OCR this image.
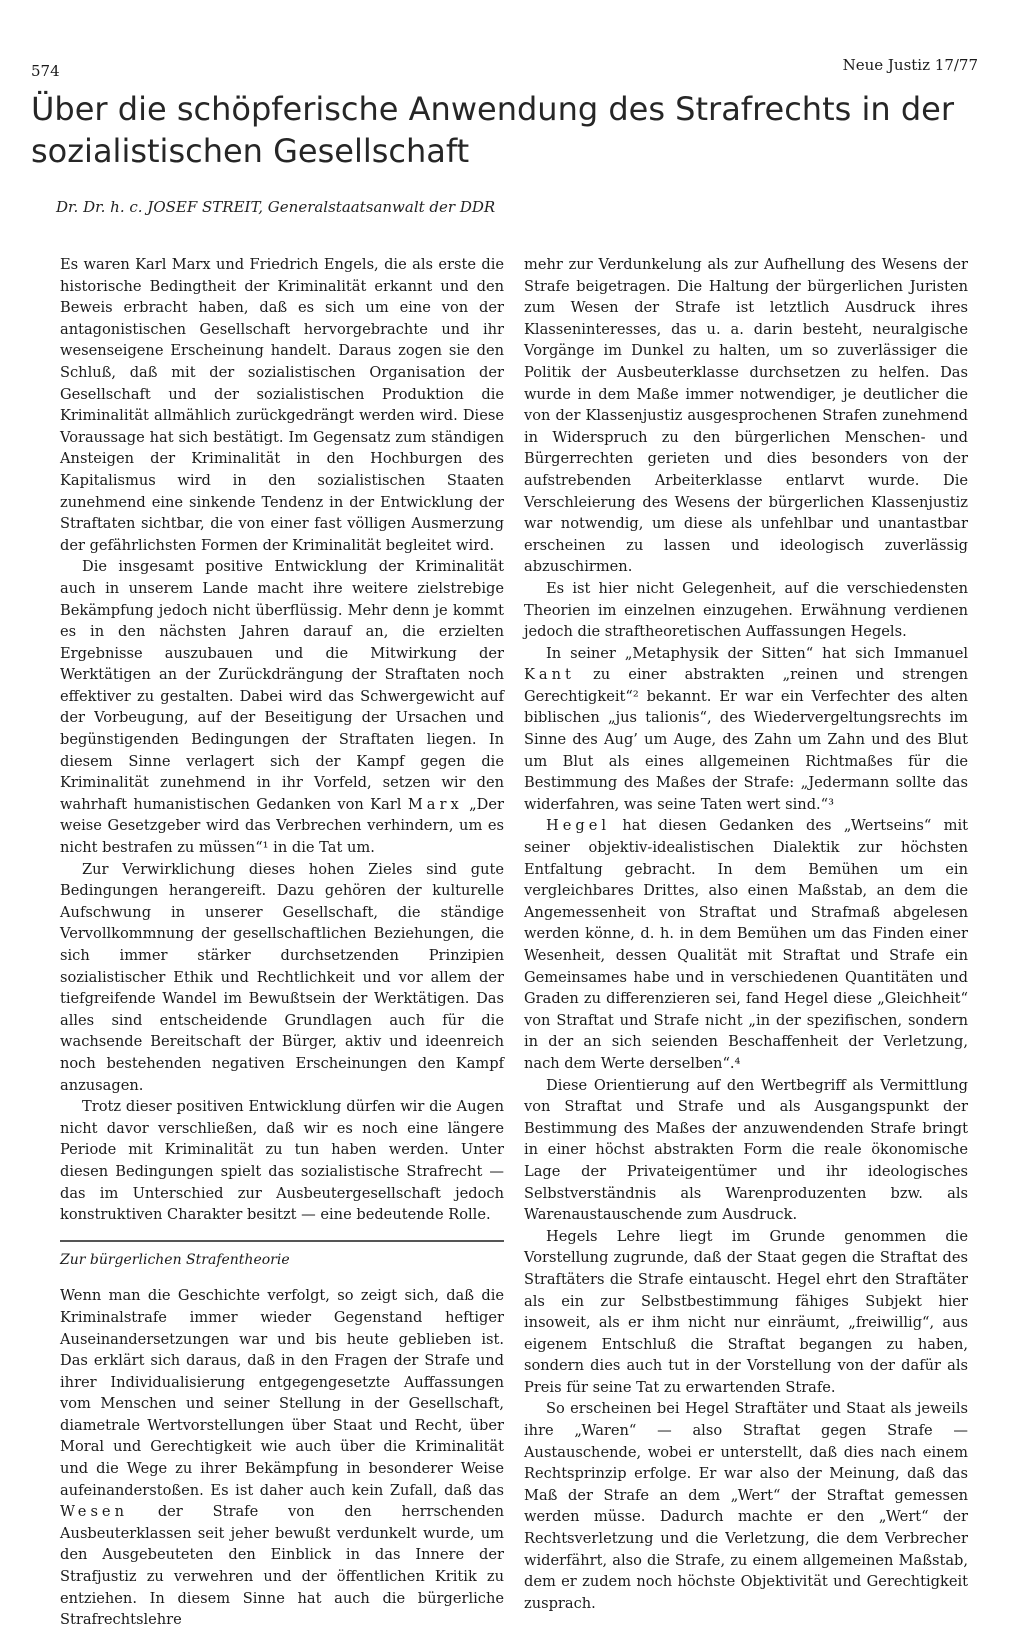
574	Neue Justiz 17/77
Über die schöpferische Anwendung des Strafrechts in der sozialistischen Gesellschaft

Dr. Dr. h. c. JOSEF STREIT, Generalstaatsanwalt der DDR

Es waren Karl Marx und Friedrich Engels, die als erste die historische Bedingtheit der Kriminalität erkannt und den Beweis erbracht haben, daß es sich um eine von der antagonistischen Gesellschaft hervorgebrachte und ihr wesenseigene Erscheinung handelt. Daraus zogen sie den Schluß, daß mit der sozialistischen Organisation der Gesellschaft und der sozialistischen Produktion die Kriminalität allmählich zurückgedrängt werden wird. Diese Voraussage hat sich bestätigt. Im Gegensatz zum ständigen Ansteigen der Kriminalität in den Hochburgen des Kapitalismus wird in den sozialistischen Staaten zunehmend eine sinkende Tendenz in der Entwicklung der Straftaten sichtbar, die von einer fast völligen Ausmerzung der gefährlichsten Formen der Kriminalität begleitet wird.

Die insgesamt positive Entwicklung der Kriminalität auch in unserem Lande macht ihre weitere zielstrebige Bekämpfung jedoch nicht überflüssig. Mehr denn je kommt es in den nächsten Jahren darauf an, die erzielten Ergebnisse auszubauen und die Mitwirkung der Werktätigen an der Zurückdrängung der Straftaten noch effektiver zu gestalten. Dabei wird das Schwergewicht auf der Vorbeugung, auf der Beseitigung der Ursachen und begünstigenden Bedingungen der Straftaten liegen. In diesem Sinne verlagert sich der Kampf gegen die Kriminalität zunehmend in ihr Vorfeld, setzen wir den wahrhaft humanistischen Gedanken von Karl Marx „Der weise Gesetzgeber wird das Verbrechen verhindern, um es nicht bestrafen zu müssen“¹ in die Tat um.

Zur Verwirklichung dieses hohen Zieles sind gute Bedingungen herangereift. Dazu gehören der kulturelle Aufschwung in unserer Gesellschaft, die ständige Vervollkommnung der gesellschaftlichen Beziehungen, die sich immer stärker durchsetzenden Prinzipien sozialistischer Ethik und Rechtlichkeit und vor allem der tiefgreifende Wandel im Bewußtsein der Werktätigen. Das alles sind entscheidende Grundlagen auch für die wachsende Bereitschaft der Bürger, aktiv und ideenreich noch bestehenden negativen Erscheinungen den Kampf anzusagen.

Trotz dieser positiven Entwicklung dürfen wir die Augen nicht davor verschließen, daß wir es noch eine längere Periode mit Kriminalität zu tun haben werden. Unter diesen Bedingungen spielt das sozialistische Strafrecht — das im Unterschied zur Ausbeutergesellschaft jedoch konstruktiven Charakter besitzt — eine bedeutende Rolle.

Zur bürgerlichen Strafentheorie

Wenn man die Geschichte verfolgt, so zeigt sich, daß die Kriminalstrafe immer wieder Gegenstand heftiger Auseinandersetzungen war und bis heute geblieben ist. Das erklärt sich daraus, daß in den Fragen der Strafe und ihrer Individualisierung entgegengesetzte Auffassungen vom Menschen und seiner Stellung in der Gesellschaft, diametrale Wertvorstellungen über Staat und Recht, über Moral und Gerechtigkeit wie auch über die Kriminalität und die Wege zu ihrer Bekämpfung in besonderer Weise aufeinanderstoßen. Es ist daher auch kein Zufall, daß das Wesen der Strafe von den herrschenden Ausbeuterklassen seit jeher bewußt verdunkelt wurde, um den Ausgebeuteten den Einblick in das Innere der Strafjustiz zu verwehren und der öffentlichen Kritik zu entziehen. In diesem Sinne hat auch die bürgerliche Strafrechtslehre

mehr zur Verdunkelung als zur Aufhellung des Wesens der Strafe beigetragen. Die Haltung der bürgerlichen Juristen zum Wesen der Strafe ist letztlich Ausdruck ihres Klasseninteresses, das u. a. darin besteht, neuralgische Vorgänge im Dunkel zu halten, um so zuverlässiger die Politik der Ausbeuterklasse durchsetzen zu helfen. Das wurde in dem Maße immer notwendiger, je deutlicher die von der Klassenjustiz ausgesprochenen Strafen zunehmend in Widerspruch zu den bürgerlichen Menschen- und Bürgerrechten gerieten und dies besonders von der aufstrebenden Arbeiterklasse entlarvt wurde. Die Verschleierung des Wesens der bürgerlichen Klassenjustiz war notwendig, um diese als unfehlbar und unantastbar erscheinen zu lassen und ideologisch zuverlässig abzuschirmen.

Es ist hier nicht Gelegenheit, auf die verschiedensten Theorien im einzelnen einzugehen. Erwähnung verdienen jedoch die straftheoretischen Auffassungen Hegels.

In seiner „Metaphysik der Sitten“ hat sich Immanuel Kant zu einer abstrakten „reinen und strengen Gerechtigkeit“² bekannt. Er war ein Verfechter des alten biblischen „jus talionis“, des Wiedervergeltungsrechts im Sinne des Aug’ um Auge, des Zahn um Zahn und des Blut um Blut als eines allgemeinen Richtmaßes für die Bestimmung des Maßes der Strafe: „Jedermann sollte das widerfahren, was seine Taten wert sind.“³

Hegel hat diesen Gedanken des „Wertseins“ mit seiner objektiv-idealistischen Dialektik zur höchsten Entfaltung gebracht. In dem Bemühen um ein vergleichbares Drittes, also einen Maßstab, an dem die Angemessenheit von Straftat und Strafmaß abgelesen werden könne, d. h. in dem Bemühen um das Finden einer Wesenheit, dessen Qualität mit Straftat und Strafe ein Gemeinsames habe und in verschiedenen Quantitäten und Graden zu differenzieren sei, fand Hegel diese „Gleichheit“ von Straftat und Strafe nicht „in der spezifischen, sondern in der an sich seienden Beschaffenheit der Verletzung, nach dem Werte derselben“.⁴

Diese Orientierung auf den Wertbegriff als Vermittlung von Straftat und Strafe und als Ausgangspunkt der Bestimmung des Maßes der anzuwendenden Strafe bringt in einer höchst abstrakten Form die reale ökonomische Lage der Privateigentümer und ihr ideologisches Selbstverständnis als Warenproduzenten bzw. als Warenaustauschende zum Ausdruck.

Hegels Lehre liegt im Grunde genommen die Vorstellung zugrunde, daß der Staat gegen die Straftat des Straftäters die Strafe eintauscht. Hegel ehrt den Straftäter als ein zur Selbstbestimmung fähiges Subjekt hier insoweit, als er ihm nicht nur einräumt, „freiwillig“, aus eigenem Entschluß die Straftat begangen zu haben, sondern dies auch tut in der Vorstellung von der dafür als Preis für seine Tat zu erwartenden Strafe.

So erscheinen bei Hegel Straftäter und Staat als jeweils ihre „Waren“ — also Straftat gegen Strafe — Austauschende, wobei er unterstellt, daß dies nach einem Rechtsprinzip erfolge. Er war also der Meinung, daß das Maß der Strafe an dem „Wert“ der Straftat gemessen werden müsse. Dadurch machte er den „Wert“ der Rechtsverletzung und die Verletzung, die dem Verbrecher widerfährt, also die Strafe, zu einem allgemeinen Maßstab, dem er zudem noch höchste Objektivität und Gerechtigkeit zusprach.
